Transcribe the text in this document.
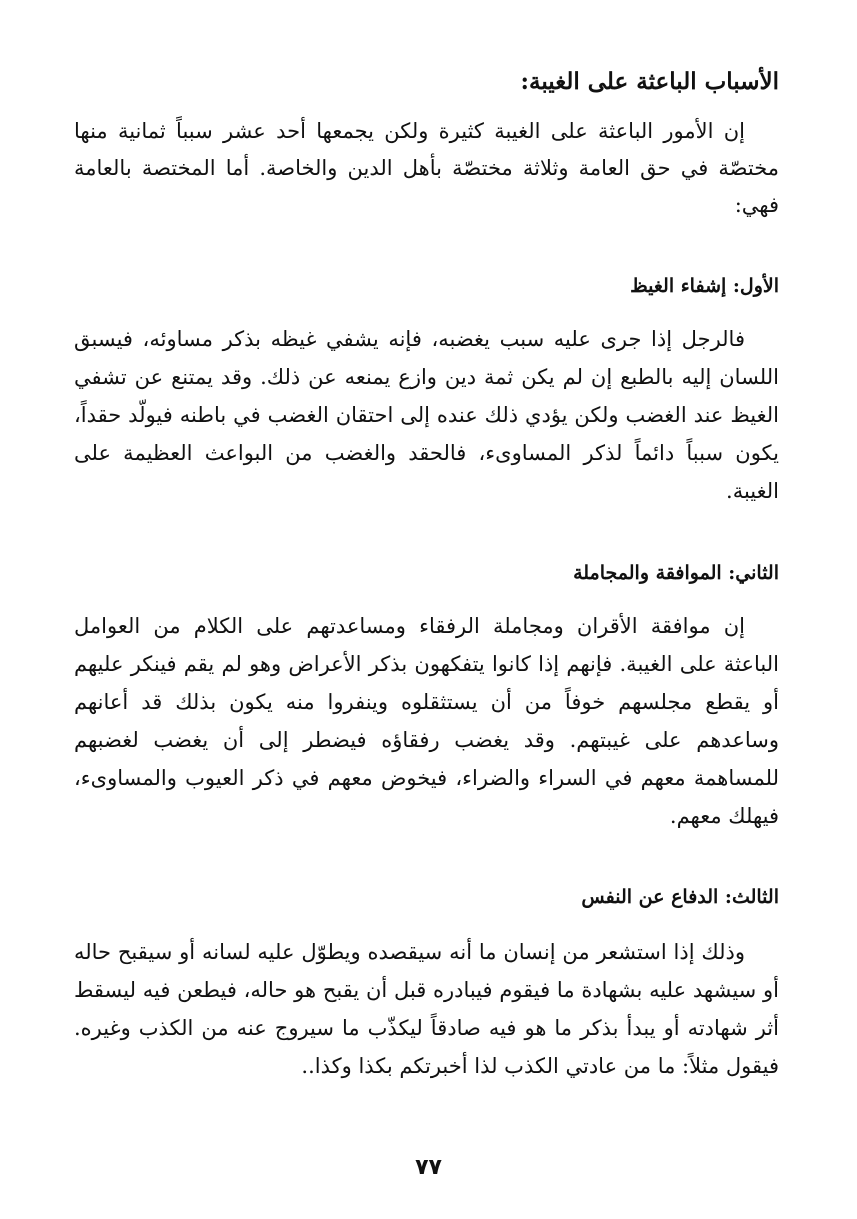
الأسباب الباعثة على الغيبة:

إن الأمور الباعثة على الغيبة كثيرة ولكن يجمعها أحد عشر سبباً ثمانية منها مختصّة في حق العامة وثلاثة مختصّة بأهل الدين والخاصة. أما المختصة بالعامة فهي:

الأول: إشفاء الغيظ

فالرجل إذا جرى عليه سبب يغضبه، فإنه يشفي غيظه بذكر مساوئه، فيسبق اللسان إليه بالطبع إن لم يكن ثمة دين وازع يمنعه عن ذلك. وقد يمتنع عن تشفي الغيظ عند الغضب ولكن يؤدي ذلك عنده إلى احتقان الغضب في باطنه فيولّد حقداً، يكون سبباً دائماً لذكر المساوىء، فالحقد والغضب من البواعث العظيمة على الغيبة.

الثاني: الموافقة والمجاملة

إن موافقة الأقران ومجاملة الرفقاء ومساعدتهم على الكلام من العوامل الباعثة على الغيبة. فإنهم إذا كانوا يتفكهون بذكر الأعراض وهو لم يقم فينكر عليهم أو يقطع مجلسهم خوفاً من أن يستثقلوه وينفروا منه يكون بذلك قد أعانهم وساعدهم على غيبتهم. وقد يغضب رفقاؤه فيضطر إلى أن يغضب لغضبهم للمساهمة معهم في السراء والضراء، فيخوض معهم في ذكر العيوب والمساوىء، فيهلك معهم.

الثالث: الدفاع عن النفس

وذلك إذا استشعر من إنسان ما أنه سيقصده ويطوّل عليه لسانه أو سيقبح حاله أو سيشهد عليه بشهادة ما فيقوم فيبادره قبل أن يقبح هو حاله، فيطعن فيه ليسقط أثر شهادته أو يبدأ بذكر ما هو فيه صادقاً ليكذّب ما سيروج عنه من الكذب وغيره. فيقول مثلاً: ما من عادتي الكذب لذا أخبرتكم بكذا وكذا..

٧٧
